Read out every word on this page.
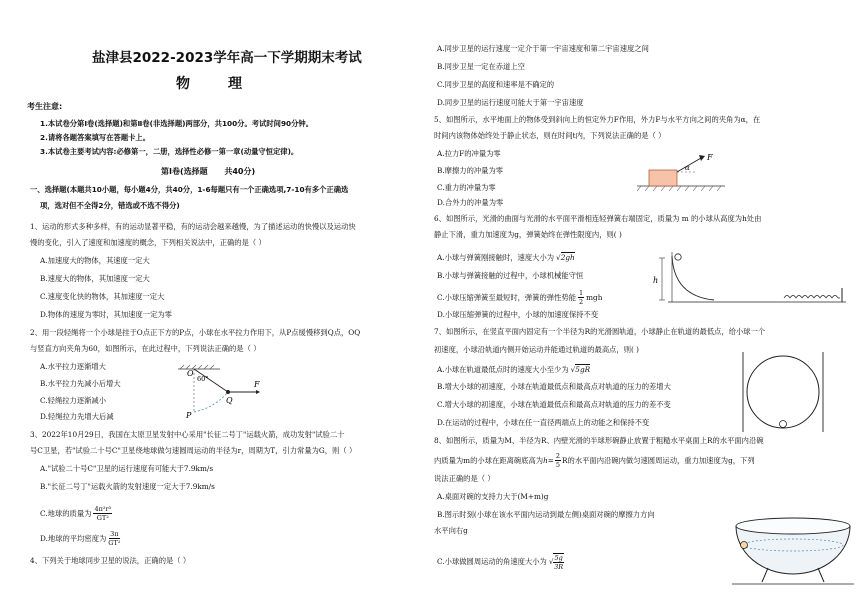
盐津县2022-2023学年高一下学期期末考试
物理
考生注意:
1.本试卷分第Ⅰ卷(选择题)和第Ⅱ卷(非选择题)两部分，共100分。考试时间90分钟。
2.请将各题答案填写在答题卡上。
3.本试卷主要考试内容:必修第一，二册，选择性必修一第一章(动量守恒定律)。
第Ⅰ卷(选择题      共40分)
一、选择题(本题共10小题，每小题4分，共40分，1-6每题只有一个正确选项,7-10有多个正确选
项，选对但不全得2分，错选或不选不得分)
1、运动的形式多种多样，有的运动显著平稳，有的运动会越来越慢，为了描述运动的快慢以及运动快
慢的变化，引入了速度和加速度的概念，下列相关说法中，正确的是（ ）
A.加速度大的物体，其速度一定大
B.速度大的物体，其加速度一定大
C.速度变化快的物体，其加速度一定大
D.物体的速度为零时，其加速度一定为零
2、用一段轻绳将一个小球是挂于O点正下方的P点，小球在水平拉力作用下，从P点缓慢移到Q点，OQ
与竖直方向夹角为60，如图所示，在此过程中，下列说法正确的是（ ）
A.水平拉力逐渐增大
B.水平拉力先减小后增大
C.轻绳拉力逐渐减小
D.轻绳拉力先增大后减
O
60°
Q
F
P
3、2022年10月29日，我国在太原卫星发射中心采用"长征二号丁"运载火箭，成功发射"试验二十
号C卫星，若"试验二十号C"卫星绕地球做匀速圆周运动的半径为r，周期为T，引力常量为G，则（ ）
A."试验二十号C"卫星的运行速度有可能大于7.9km/s
B."长征二号丁"运载火箭的发射速度一定大于7.9km/s
C.地球的质量为 $\frac{\text{4π²r³}}{\text{GT²}}$
D.地球的平均密度为 $\frac{3\pi}{\text{GT²}}$
4、下列关于地球同步卫星的说法，正确的是（ ）
A.同步卫星的运行速度一定介于第一宇宙速度和第二宇宙速度之间
B.同步卫星一定在赤道上空
C.同步卫星的高度和速率是不确定的
D.同步卫星的运行速度可能大于第一宇宙速度
5、如图所示，水平地面上的物体受到斜向上的恒定外力F作用，外力F与水平方向之间的夹角为α，在
时间内该物体始终处于静止状态，则在时间t内，下列说法正确的是（ ）
A.拉力F的冲量为零
B.摩擦力的冲量为零
C.重力的冲量为零
D.合外力的冲量为零
F
α
6、如图所示，光滑的曲面与光滑的水平面平滑相连轻弹簧右端固定，质量为 m 的小球从高度为h处由
静止下滑，重力加速度为g，弹簧始终在弹性限度内，则( )
A.小球与弹簧刚接触时，速度大小为 √ 2gh
B.小球与弹簧接触的过程中，小球机械能守恒
C.小球压缩弹簧至最短时，弹簧的弹性势能 $\frac{1}{2}$ mgh
D.小球压缩弹簧的过程中，小球的加速度保持不变
h
7、如图所示，在竖直平面内固定有一个半径为R的光滑圆轨道，小球静止在轨道的最低点，给小球一个
初速度，小球沿轨道内侧开始运动并能通过轨道的最高点，则( )
A.小球在轨道最低点时的速度大小至少为 √ 5gR
B.增大小球的初速度，小球在轨道最低点和最高点对轨道的压力的差增大
C.增大小球的初速度，小球在轨道最低点和最高点对轨道的压力的差不变
D.在运动的过程中，小球在任一直径两端点上的动能之和保持不变
8、如图所示，质量为M、半径为R、内壁光滑的半球形碗静止放置于粗糙水平桌面上R的水平面内沿碗
内质量为m的小球在距离碗底高为 $h= \frac{2}{5}$ R的水平面内沿碗内做匀速圆周运动，重力加速度为g，下列
说法正确的是（ ）
A.桌面对碗的支持力大于(M+m)g
B.图示时刻(小球在该水平面内运动到最左侧)桌面对碗的摩擦力方向
水平向右g
C.小球做圆周运动的角速度大小为 √ $\frac{5g}{3R}$
